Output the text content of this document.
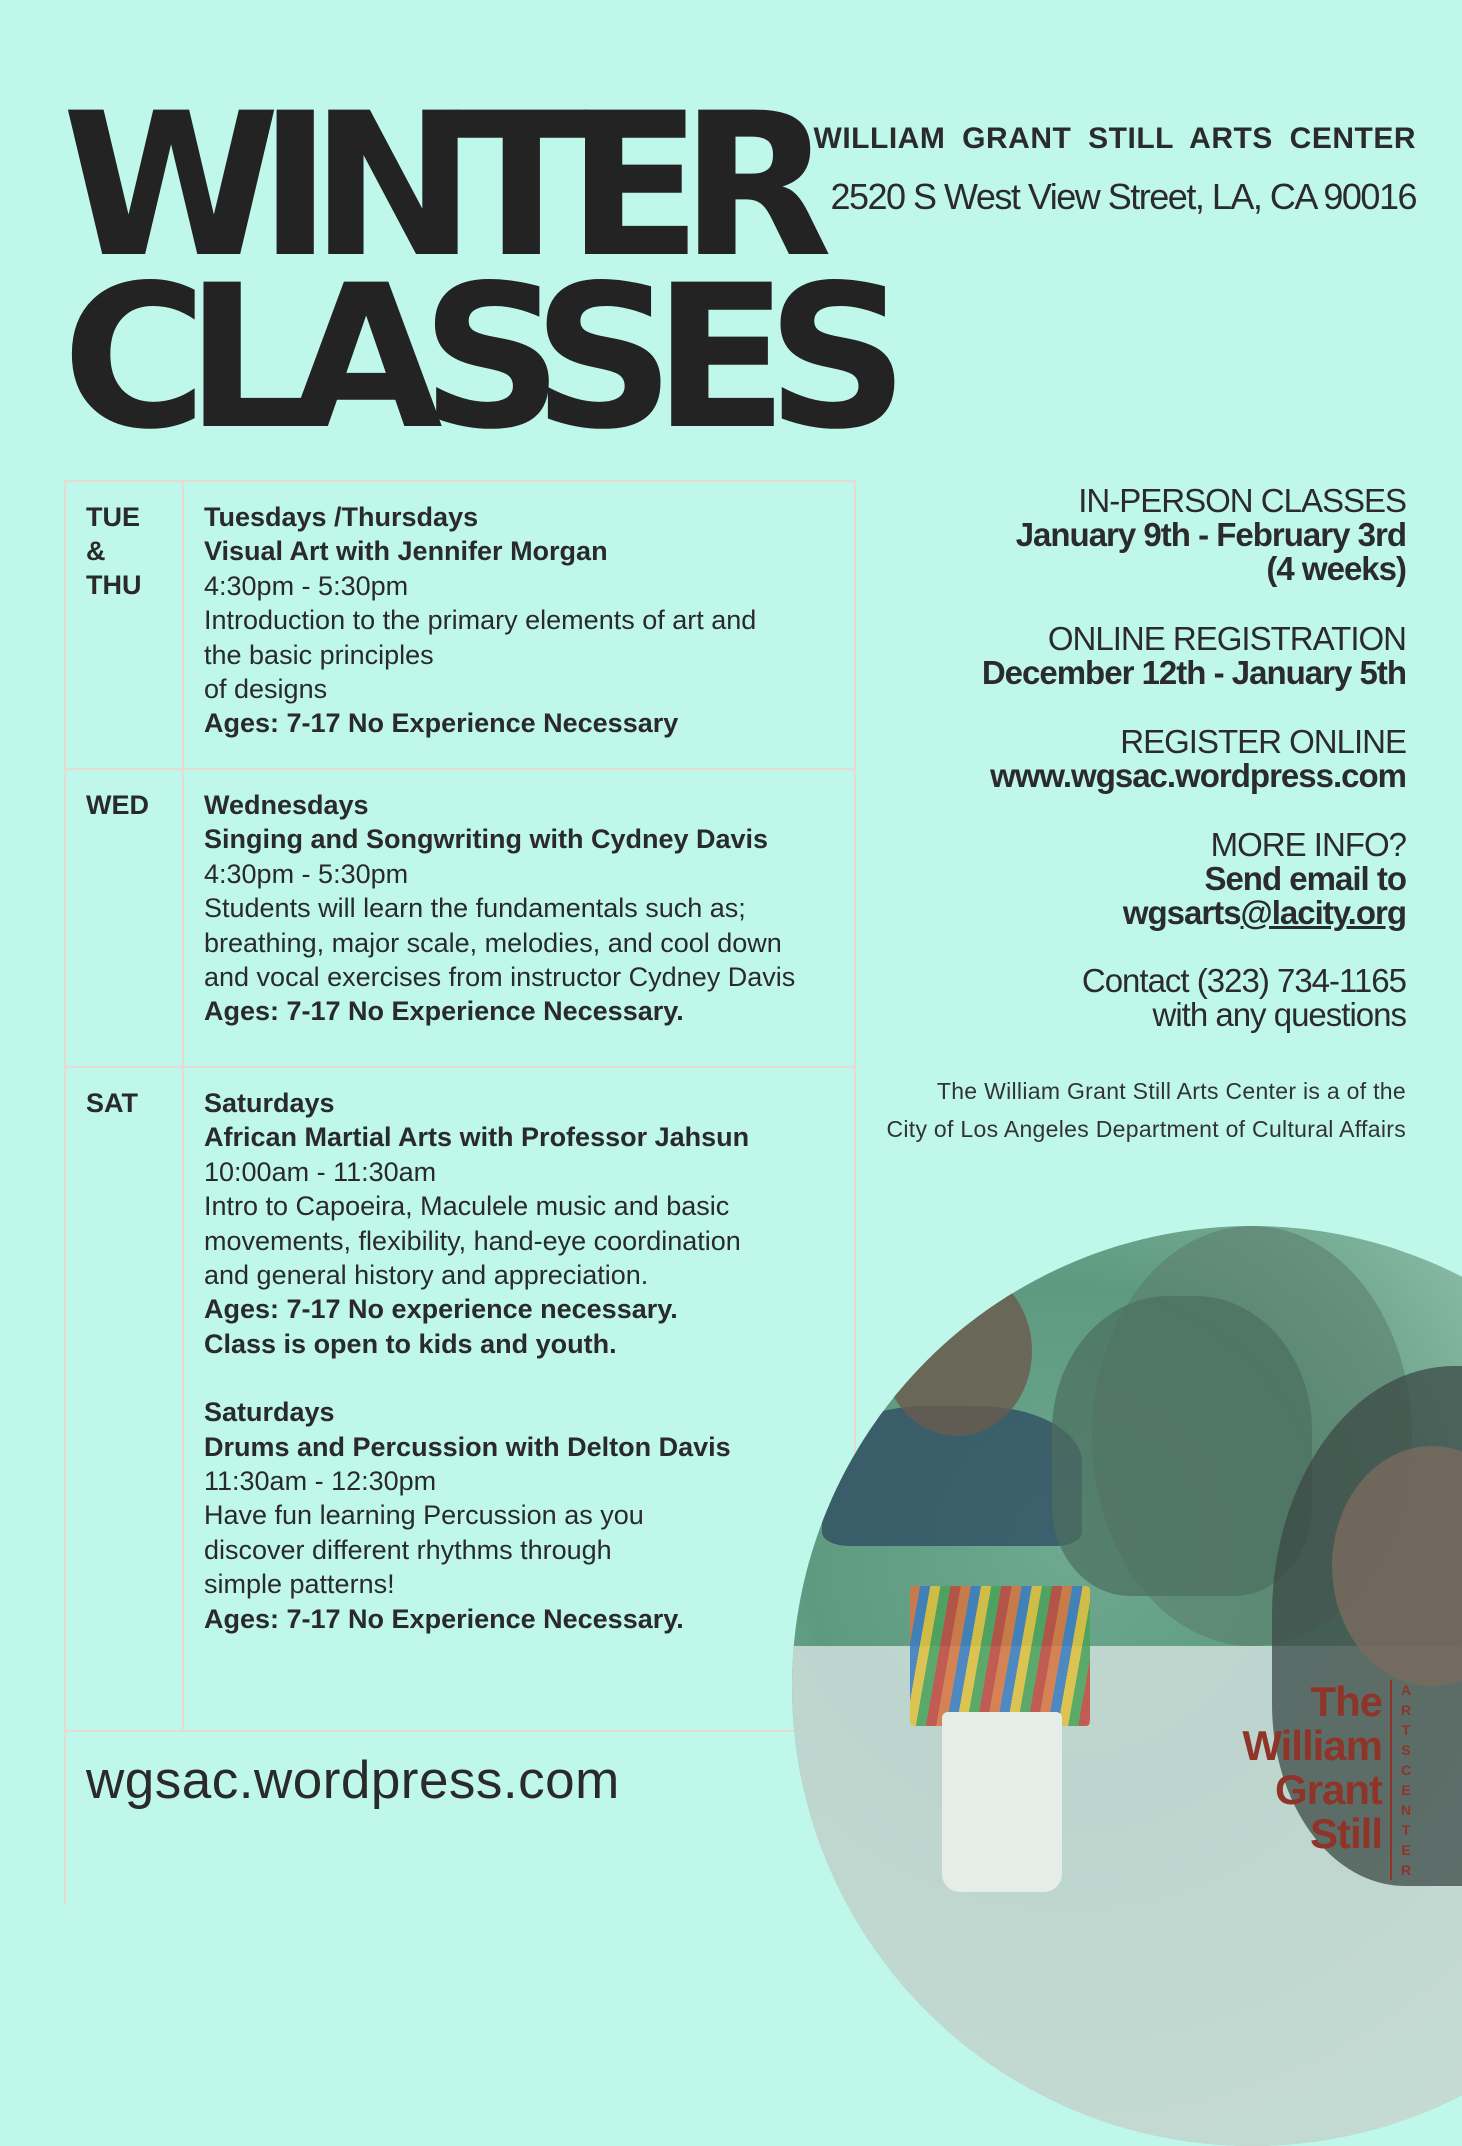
WINTER
CLASSES
WILLIAM GRANT STILL ARTS CENTER
2520 S West View Street, LA, CA 90016
TUE
&
THU

Tuesdays /Thursdays

Visual Art with Jennifer Morgan

4:30pm - 5:30pm

Introduction to the primary elements of art and

the basic principles

of designs

Ages: 7-17 No Experience Necessary

WED Wednesdays

Singing and Songwriting with Cydney Davis

4:30pm - 5:30pm

Students will learn the fundamentals such as;

breathing, major scale, melodies, and cool down

and vocal exercises from instructor Cydney Davis

Ages: 7-17 No Experience Necessary.

SAT Saturdays

African Martial Arts with Professor Jahsun

10:00am - 11:30am

Intro to Capoeira, Maculele music and basic

movements, flexibility, hand-eye coordination

and general history and appreciation.

Ages: 7-17 No experience necessary.

Class is open to kids and youth.

Saturdays

Drums and Percussion with Delton Davis

11:30am - 12:30pm

Have fun learning Percussion as you

discover different rhythms through

simple patterns!

Ages: 7-17 No Experience Necessary.

wgsac.wordpress.com
IN-PERSON CLASSES
January 9th - February 3rd
(4 weeks)
ONLINE REGISTRATION
December 12th - January 5th
REGISTER ONLINE
www.wgsac.wordpress.com
MORE INFO?
Send email to
wgsarts@lacity.org
Contact (323) 734-1165
with any questions
The William Grant Still Arts Center is a of the
City of Los Angeles Department of Cultural Affairs
The
William
Grant
Still
A
R
T
S
C
E
N
T
E
R
